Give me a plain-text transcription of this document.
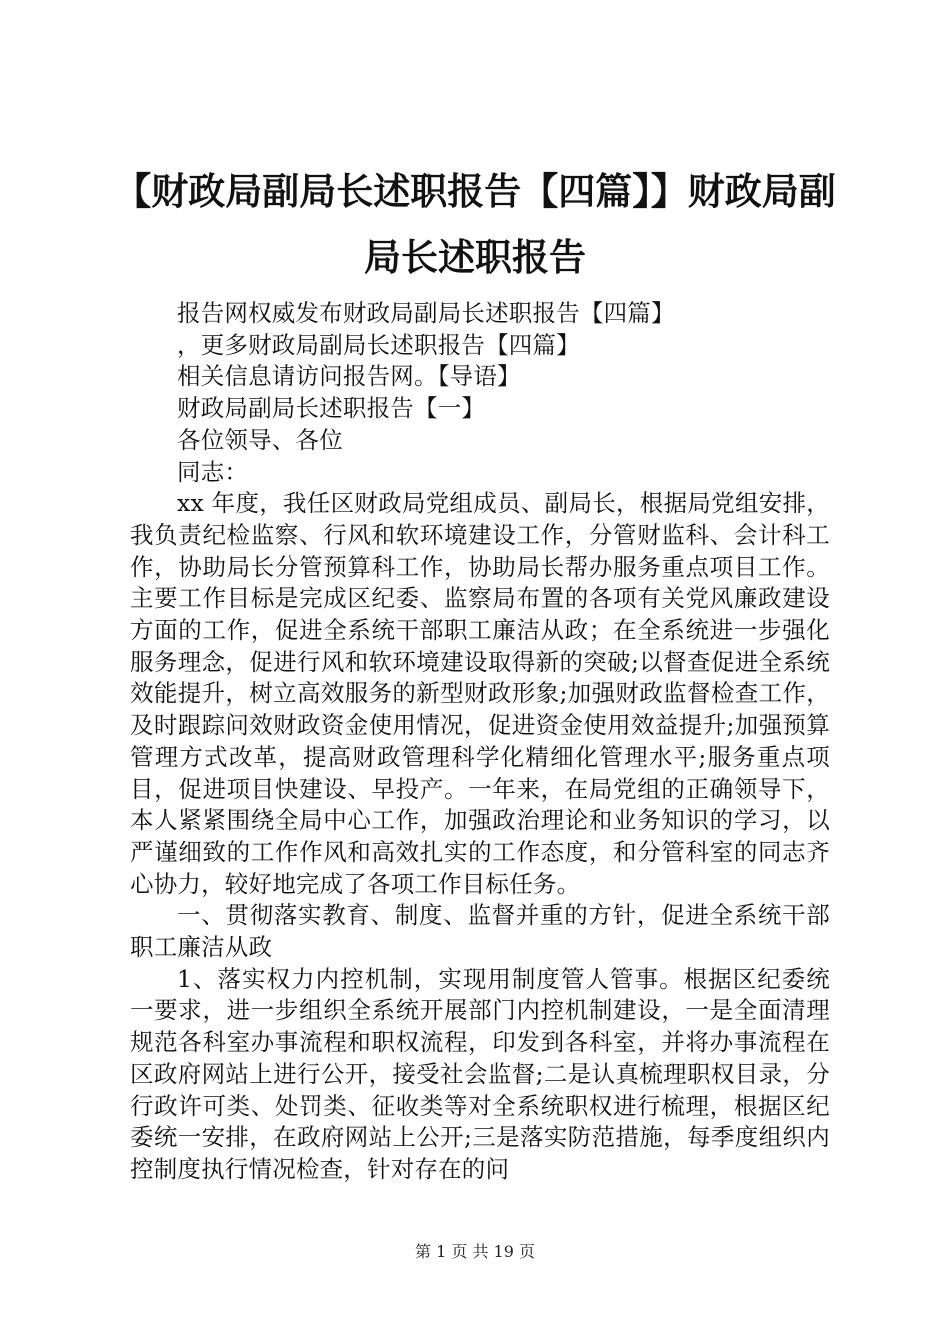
【财政局副局长述职报告【四篇】】财政局副局长述职报告

报告网权威发布财政局副局长述职报告【四篇】

，更多财政局副局长述职报告【四篇】

相关信息请访问报告网。【导语】

财政局副局长述职报告【一】

各位领导、各位

同志：

xx 年度，我任区财政局党组成员、副局长，根据局党组安排，我负责纪检监察、行风和软环境建设工作，分管财监科、会计科工作，协助局长分管预算科工作，协助局长帮办服务重点项目工作。主要工作目标是完成区纪委、监察局布置的各项有关党风廉政建设方面的工作，促进全系统干部职工廉洁从政；在全系统进一步强化服务理念，促进行风和软环境建设取得新的突破;以督查促进全系统效能提升，树立高效服务的新型财政形象;加强财政监督检查工作，及时跟踪问效财政资金使用情况，促进资金使用效益提升;加强预算管理方式改革，提高财政管理科学化精细化管理水平;服务重点项目，促进项目快建设、早投产。一年来，在局党组的正确领导下，本人紧紧围绕全局中心工作，加强政治理论和业务知识的学习，以严谨细致的工作作风和高效扎实的工作态度，和分管科室的同志齐心协力，较好地完成了各项工作目标任务。

一、贯彻落实教育、制度、监督并重的方针，促进全系统干部职工廉洁从政

1、落实权力内控机制，实现用制度管人管事。根据区纪委统一要求，进一步组织全系统开展部门内控机制建设，一是全面清理规范各科室办事流程和职权流程，印发到各科室，并将办事流程在区政府网站上进行公开，接受社会监督;二是认真梳理职权目录，分行政许可类、处罚类、征收类等对全系统职权进行梳理，根据区纪委统一安排，在政府网站上公开;三是落实防范措施，每季度组织内控制度执行情况检查，针对存在的问

第 1 页 共 19 页
